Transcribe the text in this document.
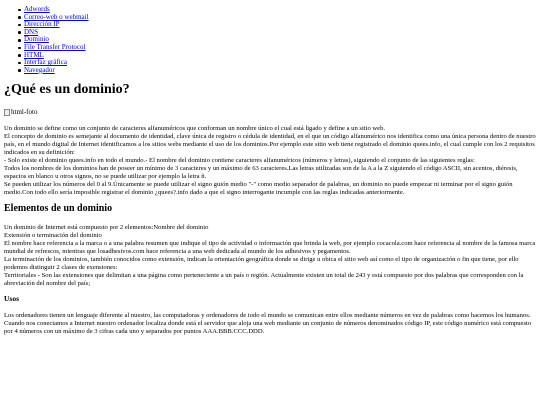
Adwords
Correo-web o webmail
Dirección IP
DNS
Dominio
File Transfer Protocol
HTML
Interfaz gráfica
Navegador
¿Qué es un dominio?
html-foto
Un dominio se define como un conjunto de caracteres alfanuméricos que conforman un nombre único el cual está ligado y define a un sitio web.
El concepto de dominio es semejante al documento de identidad, clave única de registro o cédula de identidad, en el que un código alfanumérico nos identifica como una única persona dentro de nuestro país, en el mundo digital de Internet identificamos a los sitios webs mediante el uso de los dominios.Por ejemplo este sitio web tiene registrado el dominio quees.info, el cual cumple con los 2 requisitos indicados en su definición:
- Solo existe el dominio quees.info en todo el mundo.- El nombre del dominio contiene caracteres alfanuméricos (números y letras), siguiendo el conjunto de las siguientes reglas:
Todos los nombres de los dominios han de poseer un mínimo de 3 caracteres y un máximo de 63 caracteres.Las letras utilizadas son de la A a la Z siguiendo el código ASCII, sin acentos, diéresis, espacios en blanco u otros signos, no se puede utilizar por ejemplo la letra ñ.
Se pueden utilizar los números del 0 al 9.Únicamente se puede utilizar el signo guión medio "-" como medio separador de palabras, un dominio no puede empezar ni terminar por el signo guión medio.Con todo ello sería imposible registrar el dominio ¿quees?.info dado a que el signo interrogante incumple con las reglas indicadas anteriormente.
Elementos de un dominio
Un dominio de Internet está compuesto por 2 elementos:Nombre del dominio
Extensión o terminación del dominio
El nombre hace referencia a la marca o a una palabra resumen que indique el tipo de actividad o información que brinda la web, por ejemplo cocacola.com hace referencia al nombre de la famosa marca mundial de refrescos, mientras que losadhesivos.com hace referencia a una web dedicada al mundo de los adhesivos y pegamentos.
La terminación de los dominios, también conocidos como extensión, indican la orientación geográfica donde se dirige u obica el sitio web así como el tipo de organización o fin que tiene, por ello podemos distinguir 2 clases de exensiones:
Territoriales - Son las extensiones que delimitan a una página como perteneciente a un país o región. Actualmente existen un total de 243 y está compuesto por dos palabras que corresponden con la abreviación del nombre del país;
Usos
Los ordenadores tienen un lenguaje diferente al nuestro, las computadoras y ordenadores de todo el mundo se comunican entre ellos mediante números en vez de palabras como hacemos los humanos.
Cuando nos conectamos a Internet nuestro ordenador localiza donde está el servidor que aloja una web mediante un conjunto de números denominados código IP, este código numérico está compuesto por 4 números con un máximo de 3 cifras cada uno y separados por puntos AAA.BBB.CCC.DDD.
